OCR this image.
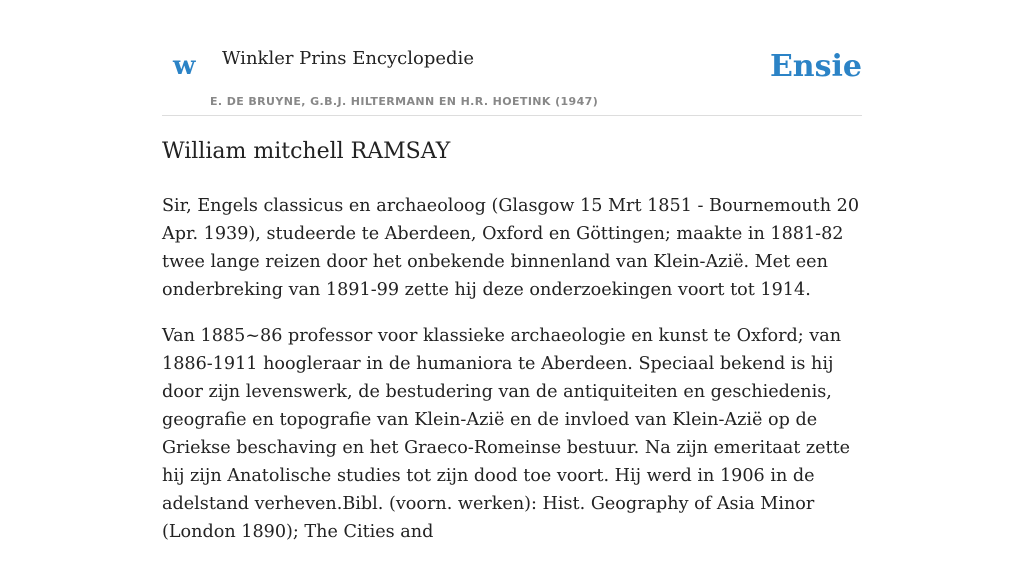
w Winkler Prins Encyclopedie
E. DE BRUYNE, G.B.J. HILTERMANN EN H.R. HOETINK (1947)
Ensie
William mitchell RAMSAY

Sir, Engels classicus en archaeoloog (Glasgow 15 Mrt 1851 - Bournemouth 20 Apr. 1939), studeerde te Aberdeen, Oxford en Göttingen; maakte in 1881-82 twee lange reizen door het onbekende binnenland van Klein-Azië. Met een onderbreking van 1891-99 zette hij deze onderzoekingen voort tot 1914.

Van 1885~86 professor voor klassieke archaeologie en kunst te Oxford; van 1886-1911 hoogleraar in de humaniora te Aberdeen. Speciaal bekend is hij door zijn levenswerk, de bestudering van de antiquiteiten en geschiedenis, geografie en topografie van Klein-Azië en de invloed van Klein-Azië op de Griekse beschaving en het Graeco-Romeinse bestuur. Na zijn emeritaat zette hij zijn Anatolische studies tot zijn dood toe voort. Hij werd in 1906 in de adelstand verheven.Bibl. (voorn. werken): Hist. Geography of Asia Minor (London 1890); The Cities and
